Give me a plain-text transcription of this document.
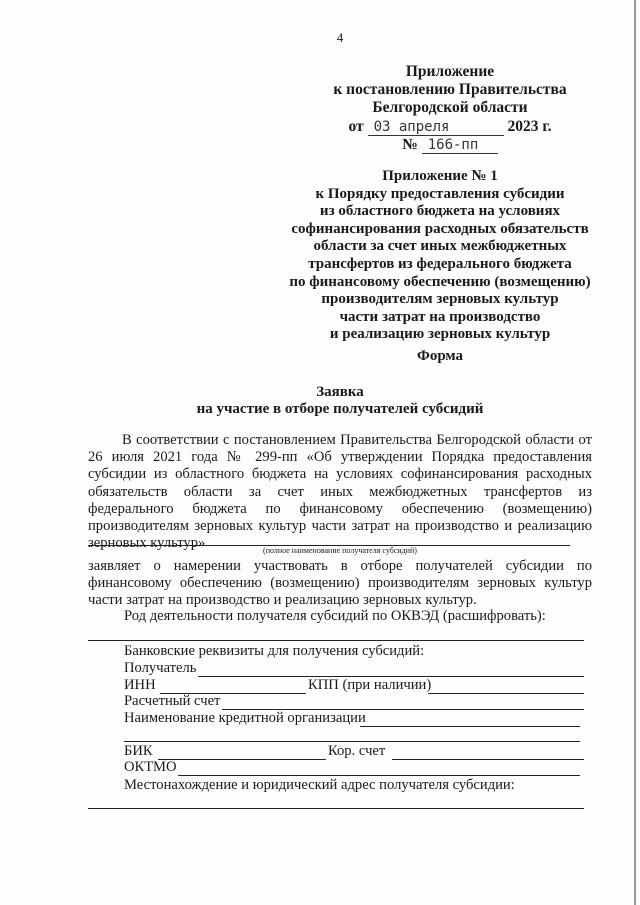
4
Приложение
к постановлению Правительства
Белгородской области
от 03 апреля	2023 г.
№ 166-пп
Приложение № 1
к Порядку предоставления субсидии
из областного бюджета на условиях
софинансирования расходных обязательств
области за счет иных межбюджетных
трансфертов из федерального бюджета
по финансовому обеспечению (возмещению)
производителям зерновых культур
части затрат на производство
и реализацию зерновых культур
Форма
Заявка
на участие в отборе получателей субсидий
В соответствии с постановлением Правительства Белгородской области от 26 июля 2021 года № 299-пп «Об утверждении Порядка предоставления субсидии из областного бюджета на условиях софинансирования расходных обязательств области за счет иных межбюджетных трансфертов из федерального бюджета по финансовому обеспечению (возмещению) производителям зерновых культур части затрат на производство и реализацию зерновых культур»	(полное наименование получателя субсидий)
заявляет о намерении участвовать в отборе получателей субсидии по финансовому обеспечению (возмещению) производителям зерновых культур части затрат на производство и реализацию зерновых культур.
Род деятельности получателя субсидий по ОКВЭД (расшифровать):
Банковские реквизиты для получения субсидий:
Получатель
ИНН	КПП (при наличии)
Расчетный счет
Наименование кредитной организации
БИК	Кор. счет
ОКТМО
Местонахождение и юридический адрес получателя субсидии:
